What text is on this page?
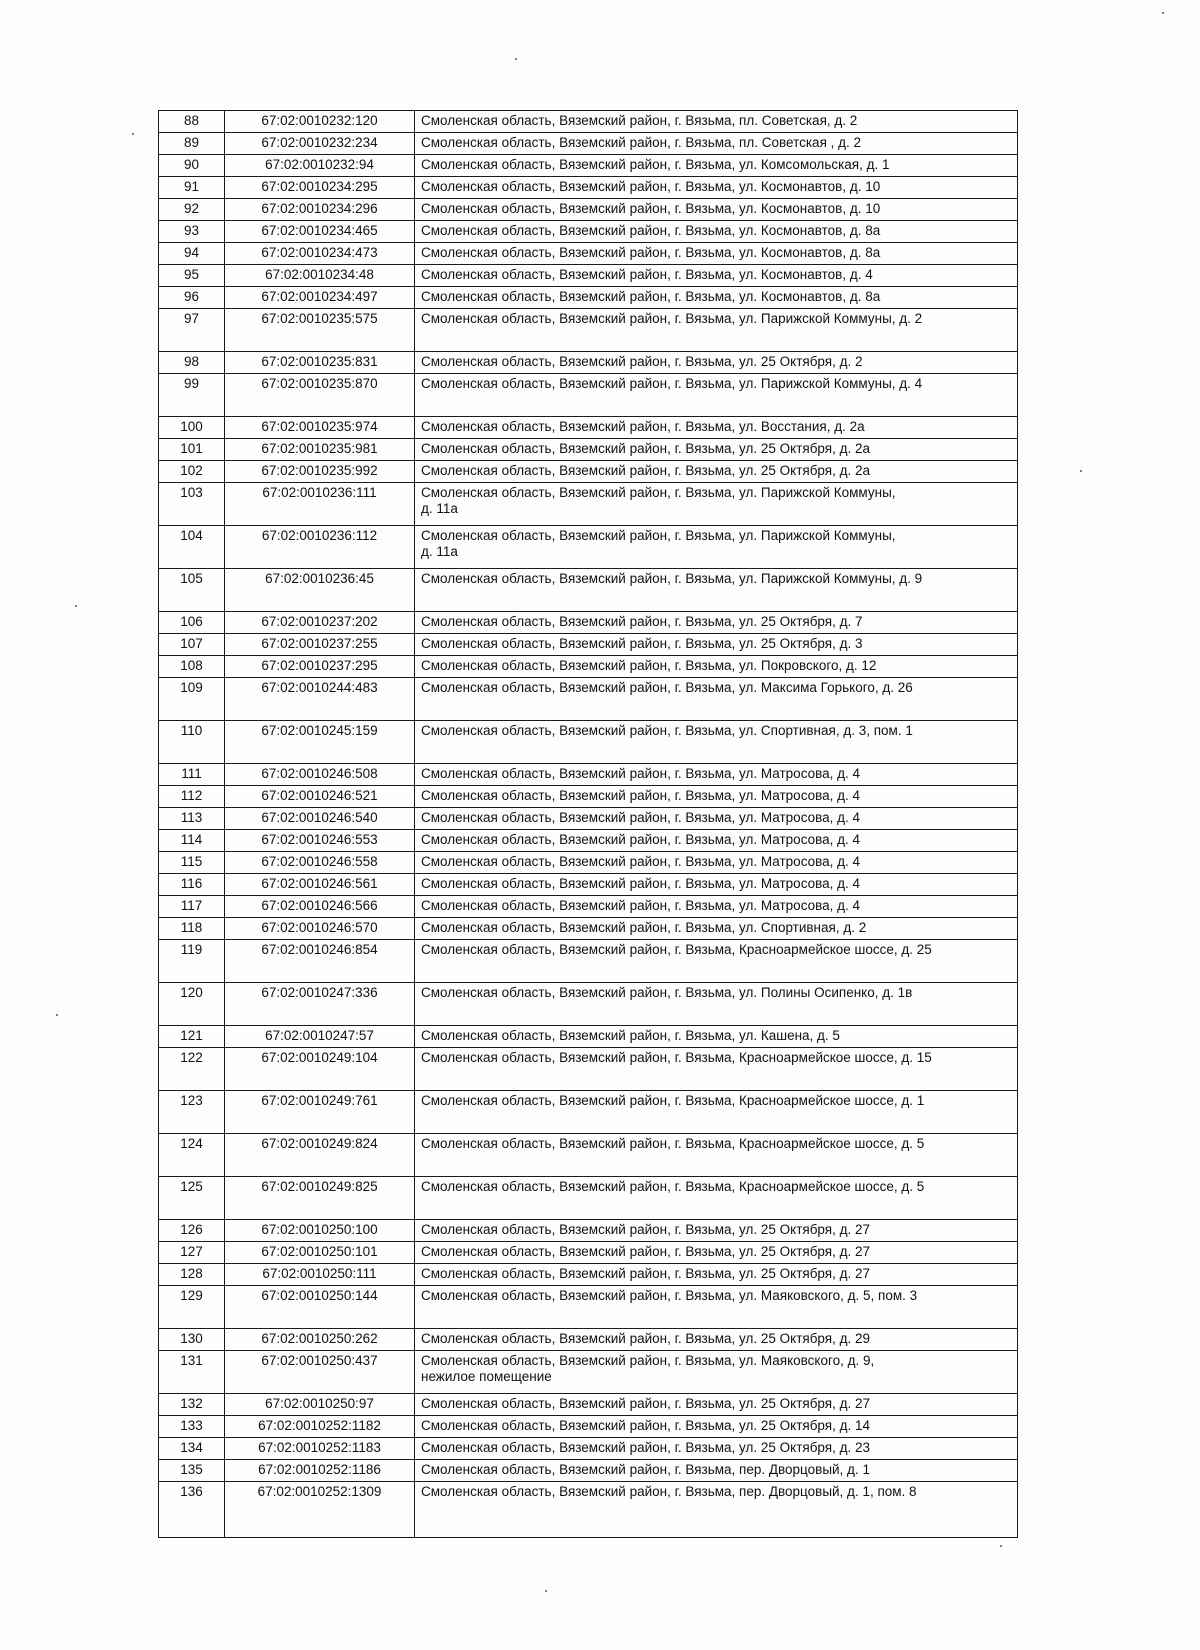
88	67:02:0010232:120	Смоленская область, Вяземский район, г. Вязьма, пл. Советская, д. 2

89	67:02:0010232:234	Смоленская область, Вяземский район, г. Вязьма, пл. Советская , д. 2

90	67:02:0010232:94	Смоленская область, Вяземский район, г. Вязьма, ул. Комсомольская, д. 1

91	67:02:0010234:295	Смоленская область, Вяземский район, г. Вязьма, ул. Космонавтов, д. 10

92	67:02:0010234:296	Смоленская область, Вяземский район, г. Вязьма, ул. Космонавтов, д. 10

93	67:02:0010234:465	Смоленская область, Вяземский район, г. Вязьма, ул. Космонавтов, д. 8а

94	67:02:0010234:473	Смоленская область, Вяземский район, г. Вязьма, ул. Космонавтов, д. 8а

95	67:02:0010234:48	Смоленская область, Вяземский район, г. Вязьма, ул. Космонавтов, д. 4

96	67:02:0010234:497	Смоленская область, Вяземский район, г. Вязьма, ул. Космонавтов, д. 8а

97	67:02:0010235:575	Смоленская область, Вяземский район, г. Вязьма, ул. Парижской Коммуны, д. 2

98	67:02:0010235:831	Смоленская область, Вяземский район, г. Вязьма, ул. 25 Октября, д. 2

99	67:02:0010235:870	Смоленская область, Вяземский район, г. Вязьма, ул. Парижской Коммуны, д. 4

100	67:02:0010235:974	Смоленская область, Вяземский район, г. Вязьма, ул. Восстания, д. 2а

101	67:02:0010235:981	Смоленская область, Вяземский район, г. Вязьма, ул. 25 Октября, д. 2а

102	67:02:0010235:992	Смоленская область, Вяземский район, г. Вязьма, ул. 25 Октября, д. 2а

103	67:02:0010236:111	Смоленская область, Вяземский район, г. Вязьма, ул. Парижской Коммуны,
д. 11а

104	67:02:0010236:112	Смоленская область, Вяземский район, г. Вязьма, ул. Парижской Коммуны,
д. 11а

105	67:02:0010236:45	Смоленская область, Вяземский район, г. Вязьма, ул. Парижской Коммуны, д. 9

106	67:02:0010237:202	Смоленская область, Вяземский район, г. Вязьма, ул. 25 Октября, д. 7

107	67:02:0010237:255	Смоленская область, Вяземский район, г. Вязьма, ул. 25 Октября, д. 3

108	67:02:0010237:295	Смоленская область, Вяземский район, г. Вязьма, ул. Покровского, д. 12

109	67:02:0010244:483	Смоленская область, Вяземский район, г. Вязьма, ул. Максима Горького, д. 26

110	67:02:0010245:159	Смоленская область, Вяземский район, г. Вязьма, ул. Спортивная, д. 3, пом. 1

111	67:02:0010246:508	Смоленская область, Вяземский район, г. Вязьма, ул. Матросова, д. 4

112	67:02:0010246:521	Смоленская область, Вяземский район, г. Вязьма, ул. Матросова, д. 4

113	67:02:0010246:540	Смоленская область, Вяземский район, г. Вязьма, ул. Матросова, д. 4

114	67:02:0010246:553	Смоленская область, Вяземский район, г. Вязьма, ул. Матросова, д. 4

115	67:02:0010246:558	Смоленская область, Вяземский район, г. Вязьма, ул. Матросова, д. 4

116	67:02:0010246:561	Смоленская область, Вяземский район, г. Вязьма, ул. Матросова, д. 4

117	67:02:0010246:566	Смоленская область, Вяземский район, г. Вязьма, ул. Матросова, д. 4

118	67:02:0010246:570	Смоленская область, Вяземский район, г. Вязьма, ул. Спортивная, д. 2

119	67:02:0010246:854	Смоленская область, Вяземский район, г. Вязьма, Красноармейское шоссе, д. 25

120	67:02:0010247:336	Смоленская область, Вяземский район, г. Вязьма, ул. Полины Осипенко, д. 1в

121	67:02:0010247:57	Смоленская область, Вяземский район, г. Вязьма, ул. Кашена, д. 5

122	67:02:0010249:104	Смоленская область, Вяземский район, г. Вязьма, Красноармейское шоссе, д. 15

123	67:02:0010249:761	Смоленская область, Вяземский район, г. Вязьма, Красноармейское шоссе, д. 1

124	67:02:0010249:824	Смоленская область, Вяземский район, г. Вязьма, Красноармейское шоссе, д. 5

125	67:02:0010249:825	Смоленская область, Вяземский район, г. Вязьма, Красноармейское шоссе, д. 5

126	67:02:0010250:100	Смоленская область, Вяземский район, г. Вязьма, ул. 25 Октября, д. 27

127	67:02:0010250:101	Смоленская область, Вяземский район, г. Вязьма, ул. 25 Октября, д. 27

128	67:02:0010250:111	Смоленская область, Вяземский район, г. Вязьма, ул. 25 Октября, д. 27

129	67:02:0010250:144	Смоленская область, Вяземский район, г. Вязьма, ул. Маяковского, д. 5, пом. 3

130	67:02:0010250:262	Смоленская область, Вяземский район, г. Вязьма, ул. 25 Октября, д. 29

131	67:02:0010250:437	Смоленская область, Вяземский район, г. Вязьма, ул. Маяковского, д. 9,
нежилое помещение

132	67:02:0010250:97	Смоленская область, Вяземский район, г. Вязьма, ул. 25 Октября, д. 27

133	67:02:0010252:1182	Смоленская область, Вяземский район, г. Вязьма, ул. 25 Октября, д. 14

134	67:02:0010252:1183	Смоленская область, Вяземский район, г. Вязьма, ул. 25 Октября, д. 23

135	67:02:0010252:1186	Смоленская область, Вяземский район, г. Вязьма, пер. Дворцовый, д. 1

136	67:02:0010252:1309	Смоленская область, Вяземский район, г. Вязьма, пер. Дворцовый, д. 1, пом. 8
